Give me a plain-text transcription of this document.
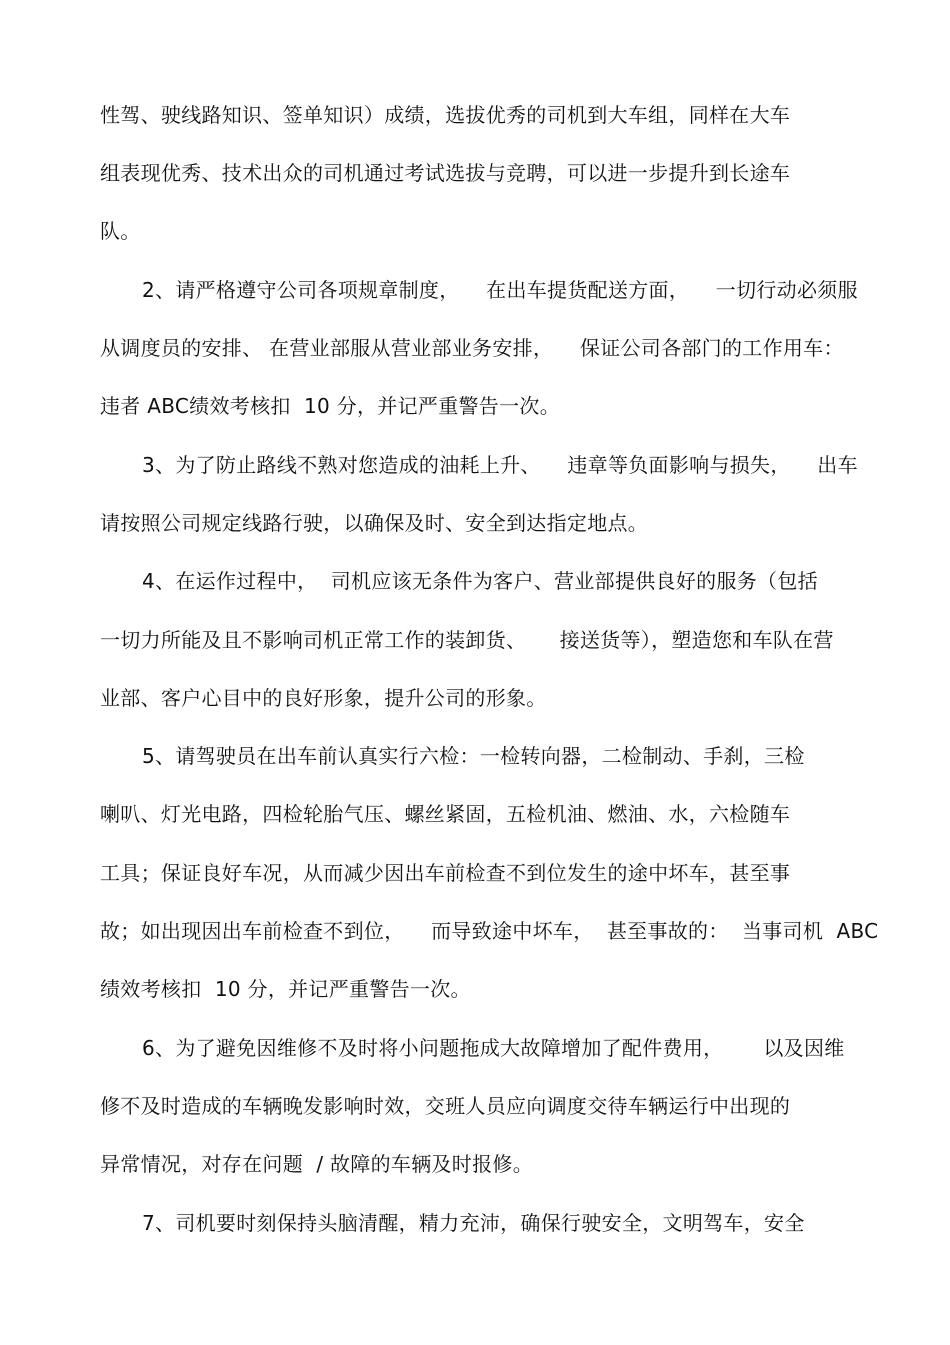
性驾、驶线路知识、签单知识）成绩，选拔优秀的司机到大车组，同样在大车
组表现优秀、技术出众的司机通过考试选拔与竞聘，可以进一步提升到长途车
队。
2、请严格遵守公司各项规章制度，    在出车提货配送方面，    一切行动必须服
从调度员的安排、 在营业部服从营业部业务安排，    保证公司各部门的工作用车：
违者 ABC绩效考核扣  10 分，并记严重警告一次。
3、为了防止路线不熟对您造成的油耗上升、    违章等负面影响与损失，    出车
请按照公司规定线路行驶，以确保及时、安全到达指定地点。
4、在运作过程中，  司机应该无条件为客户、营业部提供良好的服务（包括
一切力所能及且不影响司机正常工作的装卸货、     接送货等），塑造您和车队在营
业部、客户心目中的良好形象，提升公司的形象。
5、请驾驶员在出车前认真实行六检：一检转向器，二检制动、手刹，三检
喇叭、灯光电路，四检轮胎气压、螺丝紧固，五检机油、燃油、水，六检随车
工具；保证良好车况，从而减少因出车前检查不到位发生的途中坏车，甚至事
故；如出现因出车前检查不到位，    而导致途中坏车，  甚至事故的：  当事司机  ABC
绩效考核扣  10 分，并记严重警告一次。
6、为了避免因维修不及时将小问题拖成大故障增加了配件费用，      以及因维
修不及时造成的车辆晚发影响时效，交班人员应向调度交待车辆运行中出现的
异常情况，对存在问题  / 故障的车辆及时报修。
7、司机要时刻保持头脑清醒，精力充沛，确保行驶安全，文明驾车，安全
